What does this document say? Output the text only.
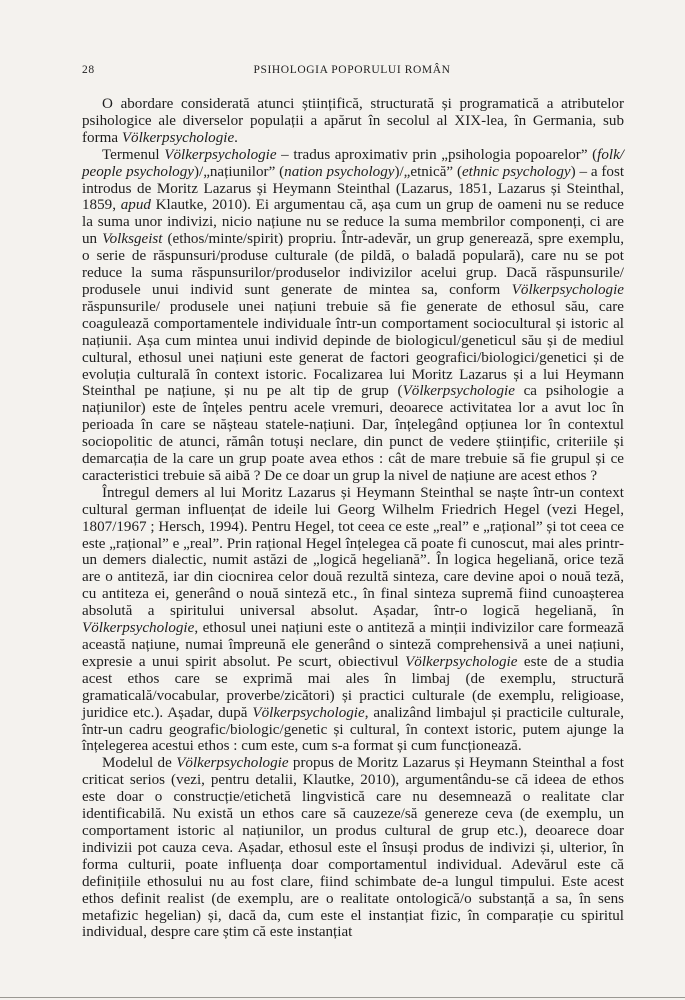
28	PSIHOLOGIA POPORULUI ROMÂN

O abordare considerată atunci științifică, structurată și programatică a atributelor psihologice ale diverselor populații a apărut în secolul al XIX-lea, în Germania, sub forma Völkerpsychologie.

Termenul Völkerpsychologie – tradus aproximativ prin „psihologia popoarelor” (folk/ people psychology)/„națiunilor” (nation psychology)/„etnică” (ethnic psychology) – a fost introdus de Moritz Lazarus și Heymann Steinthal (Lazarus, 1851, Lazarus și Steinthal, 1859, apud Klautke, 2010). Ei argumentau că, așa cum un grup de oameni nu se reduce la suma unor indivizi, nicio națiune nu se reduce la suma membrilor componenți, ci are un Volksgeist (ethos/minte/spirit) propriu. Într-adevăr, un grup generează, spre exemplu, o serie de răspunsuri/produse culturale (de pildă, o baladă populară), care nu se pot reduce la suma răspunsurilor/produselor indivizilor acelui grup. Dacă răspunsurile/ produsele unui individ sunt generate de mintea sa, conform Völkerpsychologie răspunsurile/ produsele unei națiuni trebuie să fie generate de ethosul său, care coagulează comportamentele individuale într-un comportament sociocultural și istoric al națiunii. Așa cum mintea unui individ depinde de biologicul/geneticul său și de mediul cultural, ethosul unei națiuni este generat de factori geografici/biologici/genetici și de evoluția culturală în context istoric. Focalizarea lui Moritz Lazarus și a lui Heymann Steinthal pe națiune, și nu pe alt tip de grup (Völkerpsychologie ca psihologie a națiunilor) este de înțeles pentru acele vremuri, deoarece activitatea lor a avut loc în perioada în care se nășteau statele-națiuni. Dar, înțelegând opțiunea lor în contextul sociopolitic de atunci, rămân totuși neclare, din punct de vedere științific, criteriile și demarcația de la care un grup poate avea ethos : cât de mare trebuie să fie grupul și ce caracteristici trebuie să aibă ? De ce doar un grup la nivel de națiune are acest ethos ?

Întregul demers al lui Moritz Lazarus și Heymann Steinthal se naște într-un context cultural german influențat de ideile lui Georg Wilhelm Friedrich Hegel (vezi Hegel, 1807/1967 ; Hersch, 1994). Pentru Hegel, tot ceea ce este „real” e „rațional” și tot ceea ce este „rațional” e „real”. Prin rațional Hegel înțelegea că poate fi cunoscut, mai ales printr-un demers dialectic, numit astăzi de „logică hegeliană”. În logica hegeliană, orice teză are o antiteză, iar din ciocnirea celor două rezultă sinteza, care devine apoi o nouă teză, cu antiteza ei, generând o nouă sinteză etc., în final sinteza supremă fiind cunoașterea absolută a spiritului universal absolut. Așadar, într-o logică hegeliană, în Völkerpsychologie, ethosul unei națiuni este o antiteză a minții indivizilor care formează această națiune, numai împreună ele generând o sinteză comprehensivă a unei națiuni, expresie a unui spirit absolut. Pe scurt, obiectivul Völkerpsychologie este de a studia acest ethos care se exprimă mai ales în limbaj (de exemplu, structură gramaticală/vocabular, proverbe/zicători) și practici culturale (de exemplu, religioase, juridice etc.). Așadar, după Völkerpsychologie, analizând limbajul și practicile culturale, într-un cadru geografic/biologic/genetic și cultural, în context istoric, putem ajunge la înțelegerea acestui ethos : cum este, cum s-a format și cum funcționează.

Modelul de Völkerpsychologie propus de Moritz Lazarus și Heymann Steinthal a fost criticat serios (vezi, pentru detalii, Klautke, 2010), argumentându-se că ideea de ethos este doar o construcție/etichetă lingvistică care nu desemnează o realitate clar identificabilă. Nu există un ethos care să cauzeze/să genereze ceva (de exemplu, un comportament istoric al națiunilor, un produs cultural de grup etc.), deoarece doar indivizii pot cauza ceva. Așadar, ethosul este el însuși produs de indivizi și, ulterior, în forma culturii, poate influența doar comportamentul individual. Adevărul este că definițiile ethosului nu au fost clare, fiind schimbate de-a lungul timpului. Este acest ethos definit realist (de exemplu, are o realitate ontologică/o substanță a sa, în sens metafizic hegelian) și, dacă da, cum este el instanțiat fizic, în comparație cu spiritul individual, despre care știm că este instanțiat
